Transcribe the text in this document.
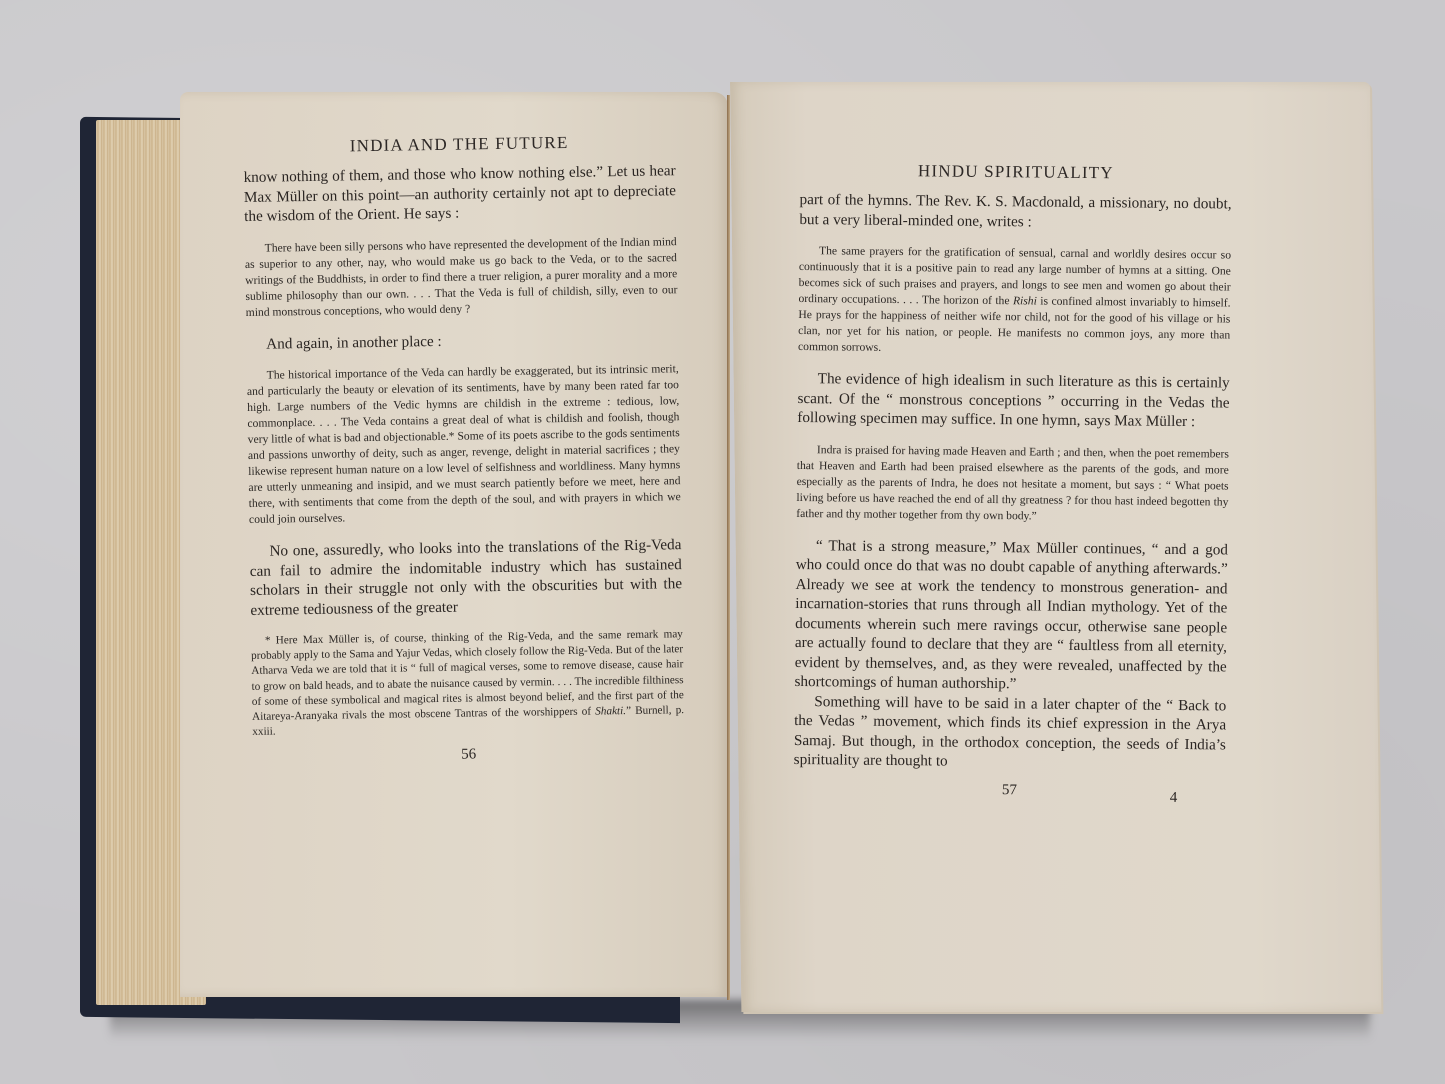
INDIA AND THE FUTURE

know nothing of them, and those who know nothing else.” Let us hear Max Müller on this point—an authority certainly not apt to depreciate the wisdom of the Orient. He says :

There have been silly persons who have represented the development of the Indian mind as superior to any other, nay, who would make us go back to the Veda, or to the sacred writings of the Buddhists, in order to find there a truer religion, a purer morality and a more sublime philosophy than our own. . . . That the Veda is full of childish, silly, even to our mind monstrous conceptions, who would deny ?

And again, in another place :

The historical importance of the Veda can hardly be exaggerated, but its intrinsic merit, and particularly the beauty or elevation of its sentiments, have by many been rated far too high. Large numbers of the Vedic hymns are childish in the extreme : tedious, low, commonplace. . . . The Veda contains a great deal of what is childish and foolish, though very little of what is bad and objectionable.* Some of its poets ascribe to the gods sentiments and passions unworthy of deity, such as anger, revenge, delight in material sacrifices ; they likewise represent human nature on a low level of selfishness and worldliness. Many hymns are utterly unmeaning and insipid, and we must search patiently before we meet, here and there, with sentiments that come from the depth of the soul, and with prayers in which we could join ourselves.

No one, assuredly, who looks into the translations of the Rig-Veda can fail to admire the indomitable industry which has sustained scholars in their struggle not only with the obscurities but with the extreme tediousness of the greater

* Here Max Müller is, of course, thinking of the Rig-Veda, and the same remark may probably apply to the Sama and Yajur Vedas, which closely follow the Rig-Veda. But of the later Atharva Veda we are told that it is “ full of magical verses, some to remove disease, cause hair to grow on bald heads, and to abate the nuisance caused by vermin. . . . The incredible filthiness of some of these symbolical and magical rites is almost beyond belief, and the first part of the Aitareya-Aranyaka rivals the most obscene Tantras of the worshippers of Shakti.” Burnell, p. xxiii.

56
HINDU SPIRITUALITY

part of the hymns. The Rev. K. S. Macdonald, a missionary, no doubt, but a very liberal-minded one, writes :

The same prayers for the gratification of sensual, carnal and worldly desires occur so continuously that it is a positive pain to read any large number of hymns at a sitting. One becomes sick of such praises and prayers, and longs to see men and women go about their ordinary occupations. . . . The horizon of the Rishi is confined almost invariably to himself. He prays for the happiness of neither wife nor child, not for the good of his village or his clan, nor yet for his nation, or people. He manifests no common joys, any more than common sorrows.

The evidence of high idealism in such literature as this is certainly scant. Of the “ monstrous conceptions ” occurring in the Vedas the following specimen may suffice. In one hymn, says Max Müller :

Indra is praised for having made Heaven and Earth ; and then, when the poet remembers that Heaven and Earth had been praised elsewhere as the parents of the gods, and more especially as the parents of Indra, he does not hesitate a moment, but says : “ What poets living before us have reached the end of all thy greatness ? for thou hast indeed begotten thy father and thy mother together from thy own body.”

“ That is a strong measure,” Max Müller continues, “ and a god who could once do that was no doubt capable of anything afterwards.” Already we see at work the tendency to monstrous generation- and incarnation-stories that runs through all Indian mythology. Yet of the documents wherein such mere ravings occur, otherwise sane people are actually found to declare that they are “ faultless from all eternity, evident by themselves, and, as they were revealed, unaffected by the shortcomings of human authorship.”

Something will have to be said in a later chapter of the “ Back to the Vedas ” movement, which finds its chief expression in the Arya Samaj. But though, in the orthodox conception, the seeds of India’s spirituality are thought to

57	4
